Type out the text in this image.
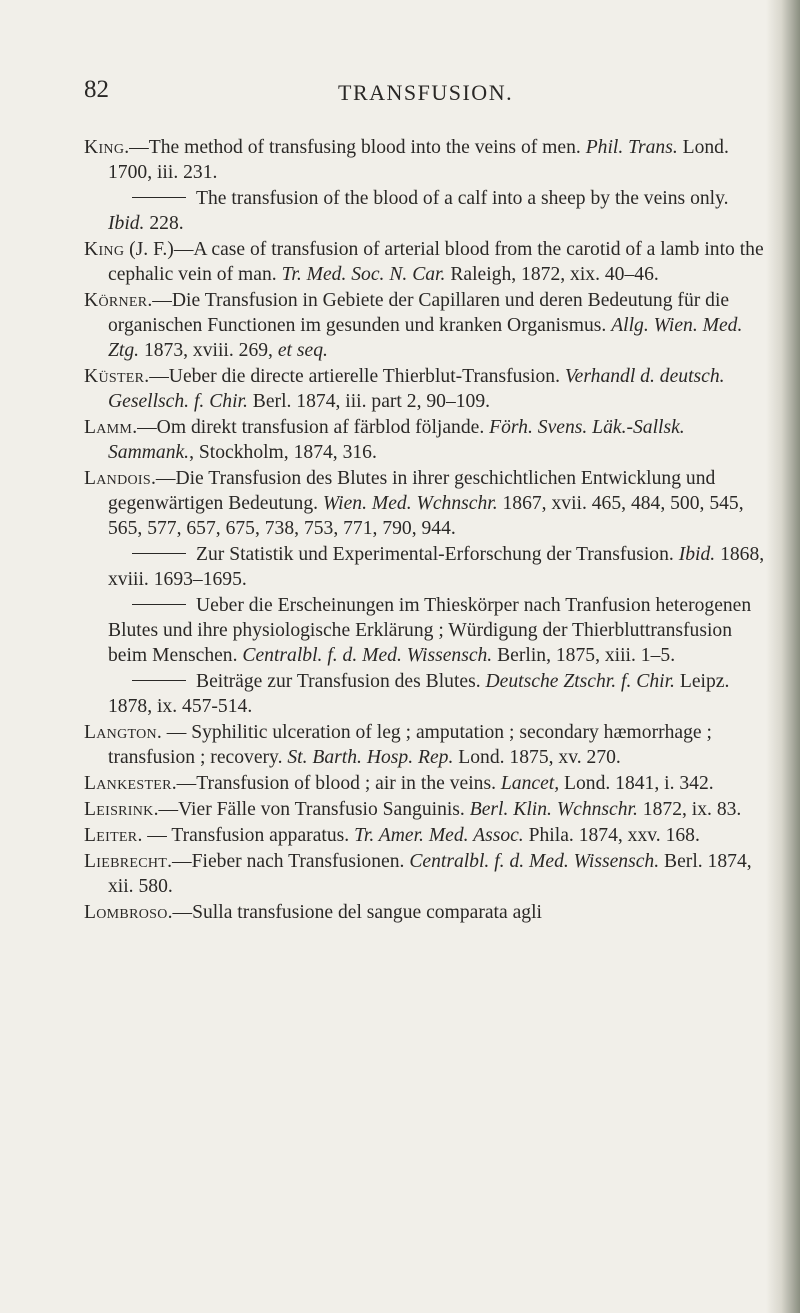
82	TRANSFUSION.

King.—The method of transfusing blood into the veins of men. Phil. Trans. Lond. 1700, iii. 231.

The transfusion of the blood of a calf into a sheep by the veins only. Ibid. 228.

King (J. F.)—A case of transfusion of arterial blood from the carotid of a lamb into the cephalic vein of man. Tr. Med. Soc. N. Car. Raleigh, 1872, xix. 40–46.

Körner.—Die Transfusion in Gebiete der Capillaren und deren Bedeutung für die organischen Functionen im gesunden und kranken Organismus. Allg. Wien. Med. Ztg. 1873, xviii. 269, et seq.

Küster.—Ueber die directe artierelle Thierblut-Transfusion. Verhandl d. deutsch. Gesellsch. f. Chir. Berl. 1874, iii. part 2, 90–109.

Lamm.—Om direkt transfusion af färblod följande. Förh. Svens. Läk.-Sallsk. Sammank., Stockholm, 1874, 316.

Landois.—Die Transfusion des Blutes in ihrer geschichtlichen Entwicklung und gegenwärtigen Bedeutung. Wien. Med. Wchnschr. 1867, xvii. 465, 484, 500, 545, 565, 577, 657, 675, 738, 753, 771, 790, 944.

Zur Statistik und Experimental-Erforschung der Transfusion. Ibid. 1868, xviii. 1693–1695.

Ueber die Erscheinungen im Thieskörper nach Tranfusion heterogenen Blutes und ihre physiologische Erklärung ; Würdigung der Thierbluttransfusion beim Menschen. Centralbl. f. d. Med. Wissensch. Berlin, 1875, xiii. 1–5.

Beiträge zur Transfusion des Blutes. Deutsche Ztschr. f. Chir. Leipz. 1878, ix. 457-514.

Langton. — Syphilitic ulceration of leg ; amputation ; secondary hæmorrhage ; transfusion ; recovery. St. Barth. Hosp. Rep. Lond. 1875, xv. 270.

Lankester.—Transfusion of blood ; air in the veins. Lancet, Lond. 1841, i. 342.

Leisrink.—Vier Fälle von Transfusio Sanguinis. Berl. Klin. Wchnschr. 1872, ix. 83.

Leiter. — Transfusion apparatus. Tr. Amer. Med. Assoc. Phila. 1874, xxv. 168.

Liebrecht.—Fieber nach Transfusionen. Centralbl. f. d. Med. Wissensch. Berl. 1874, xii. 580.

Lombroso.—Sulla transfusione del sangue comparata agli
